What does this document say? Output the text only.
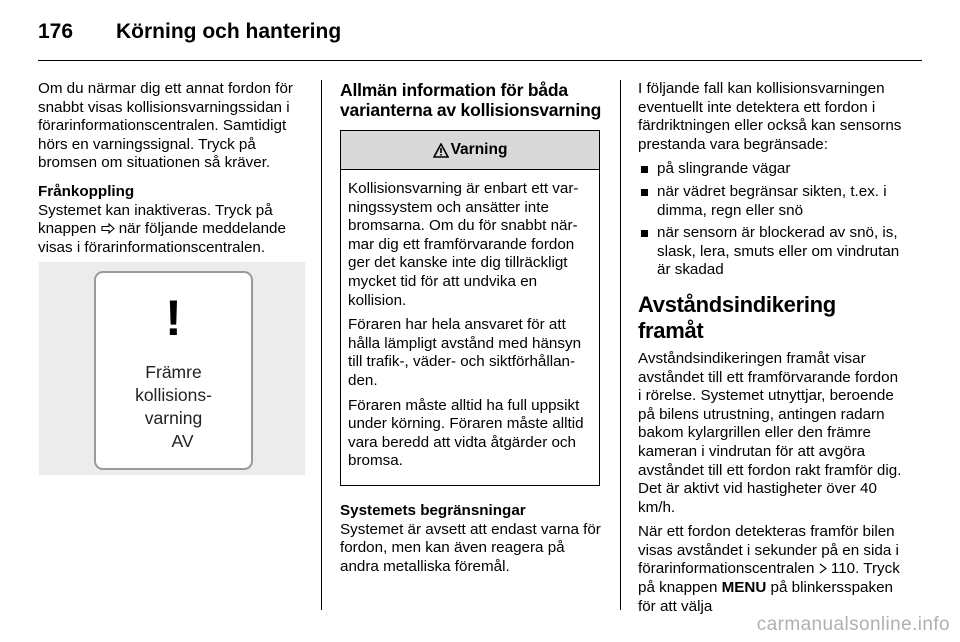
176	Körning och hantering

Om du närmar dig ett annat fordon för snabbt visas kollisionsvarningssidan i förarinformationscentralen. Samtidigt hörs en varningssignal. Tryck på bromsen om situationen så kräver.

Frånkoppling

Systemet kan inaktiveras. Tryck på knappen  när följande meddelande visas i förarinformationscentralen.

!
Främre
kollisions-
varning
AV
Allmän information för båda varianterna av kollisionsvarning
Varning

Kollisionsvarning är enbart ett varningssystem och ansätter inte bromsarna. Om du för snabbt närmar dig ett framförvarande fordon ger det kanske inte dig tillräckligt mycket tid för att undvika en kollision.

Föraren har hela ansvaret för att hålla lämpligt avstånd med hänsyn till trafik-, väder- och siktförhållanden.

Föraren måste alltid ha full uppsikt under körning. Föraren måste alltid vara beredd att vidta åtgärder och bromsa.

Systemets begränsningar

Systemet är avsett att endast varna för fordon, men kan även reagera på andra metalliska föremål.

I följande fall kan kollisionsvarningen eventuellt inte detektera ett fordon i färdriktningen eller också kan sensorns prestanda vara begränsade:

på slingrande vägar
när vädret begränsar sikten, t.ex. i dimma, regn eller snö
när sensorn är blockerad av snö, is, slask, lera, smuts eller om vindrutan är skadad
Avståndsindikering framåt

Avståndsindikeringen framåt visar avståndet till ett framförvarande fordon i rörelse. Systemet utnyttjar, beroende på bilens utrustning, antingen radarn bakom kylargrillen eller den främre kameran i vindrutan för att avgöra avståndet till ett fordon rakt framför dig. Det är aktivt vid hastigheter över 40 km/h.

När ett fordon detekteras framför bilen visas avståndet i sekunder på en sida i förarinformationscentralen  110. Tryck på knappen MENU på blinkersspaken för att välja

carmanualsonline.info
